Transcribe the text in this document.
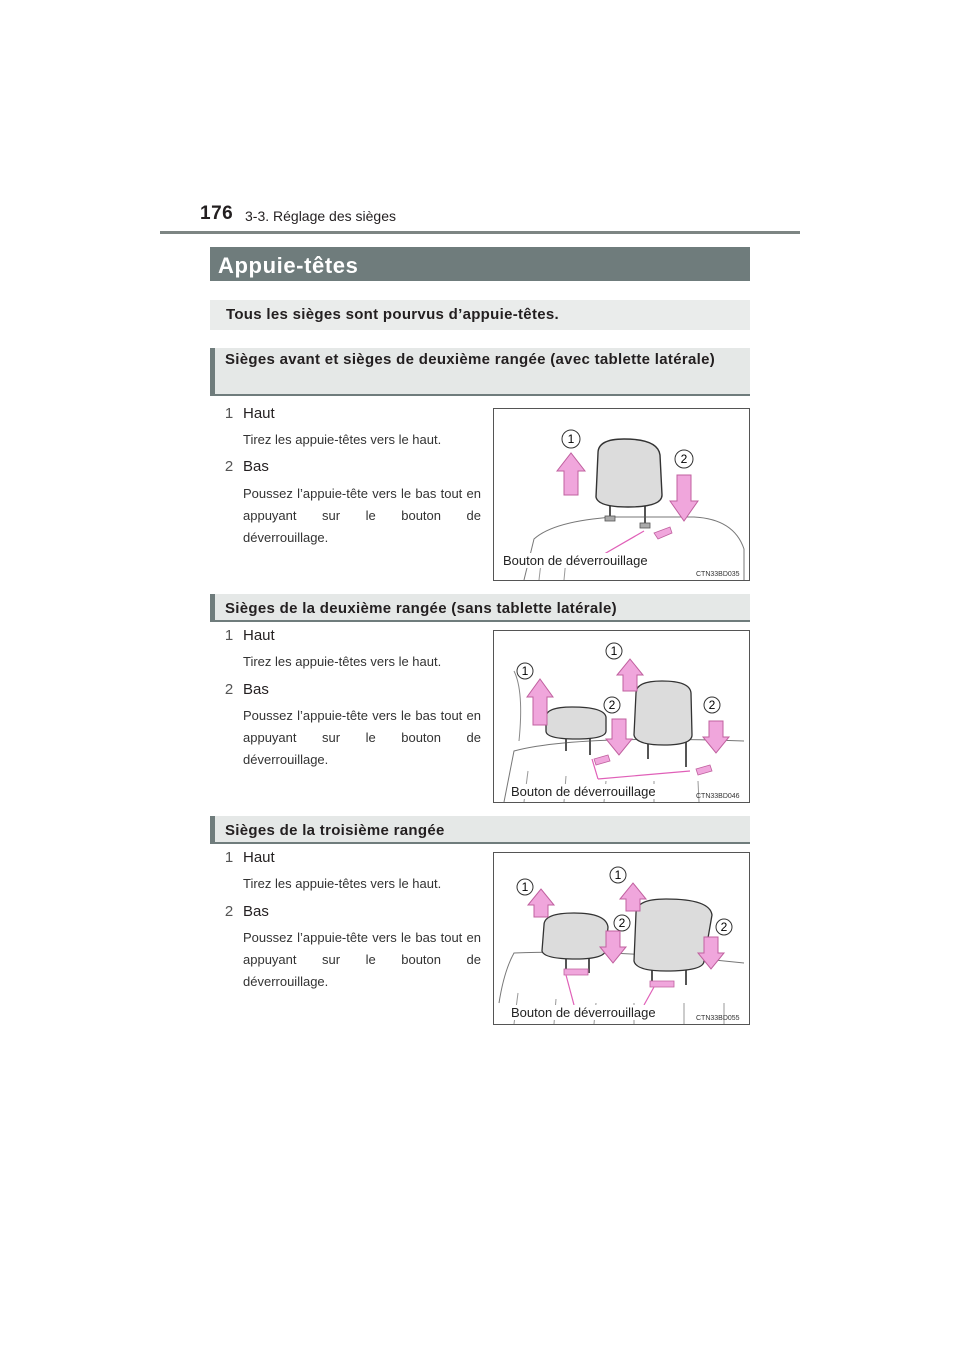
176 3-3. Réglage des sièges
Appuie-têtes
Tous les sièges sont pourvus d’appuie-têtes.
Sièges avant et sièges de deuxième rangée (avec tablette latérale)
1 Haut
Tirez les appuie-têtes vers le haut.
2 Bas
Poussez l’appuie-tête vers le bas tout en appuyant sur le bouton de déverrouillage.
1
2
Bouton de déverrouillage
CTN33BD035
Sièges de la deuxième rangée (sans tablette latérale)
1 Haut
Tirez les appuie-têtes vers le haut.
2 Bas
Poussez l’appuie-tête vers le bas tout en appuyant sur le bouton de déverrouillage.
1
1
2	2
Bouton de déverrouillage	CTN33BD046
Sièges de la troisième rangée
1 Haut
Tirez les appuie-têtes vers le haut.
2 Bas
Poussez l’appuie-tête vers le bas tout en appuyant sur le bouton de déverrouillage.
1
1
2	2
Bouton de déverrouillage	CTN33BD055
